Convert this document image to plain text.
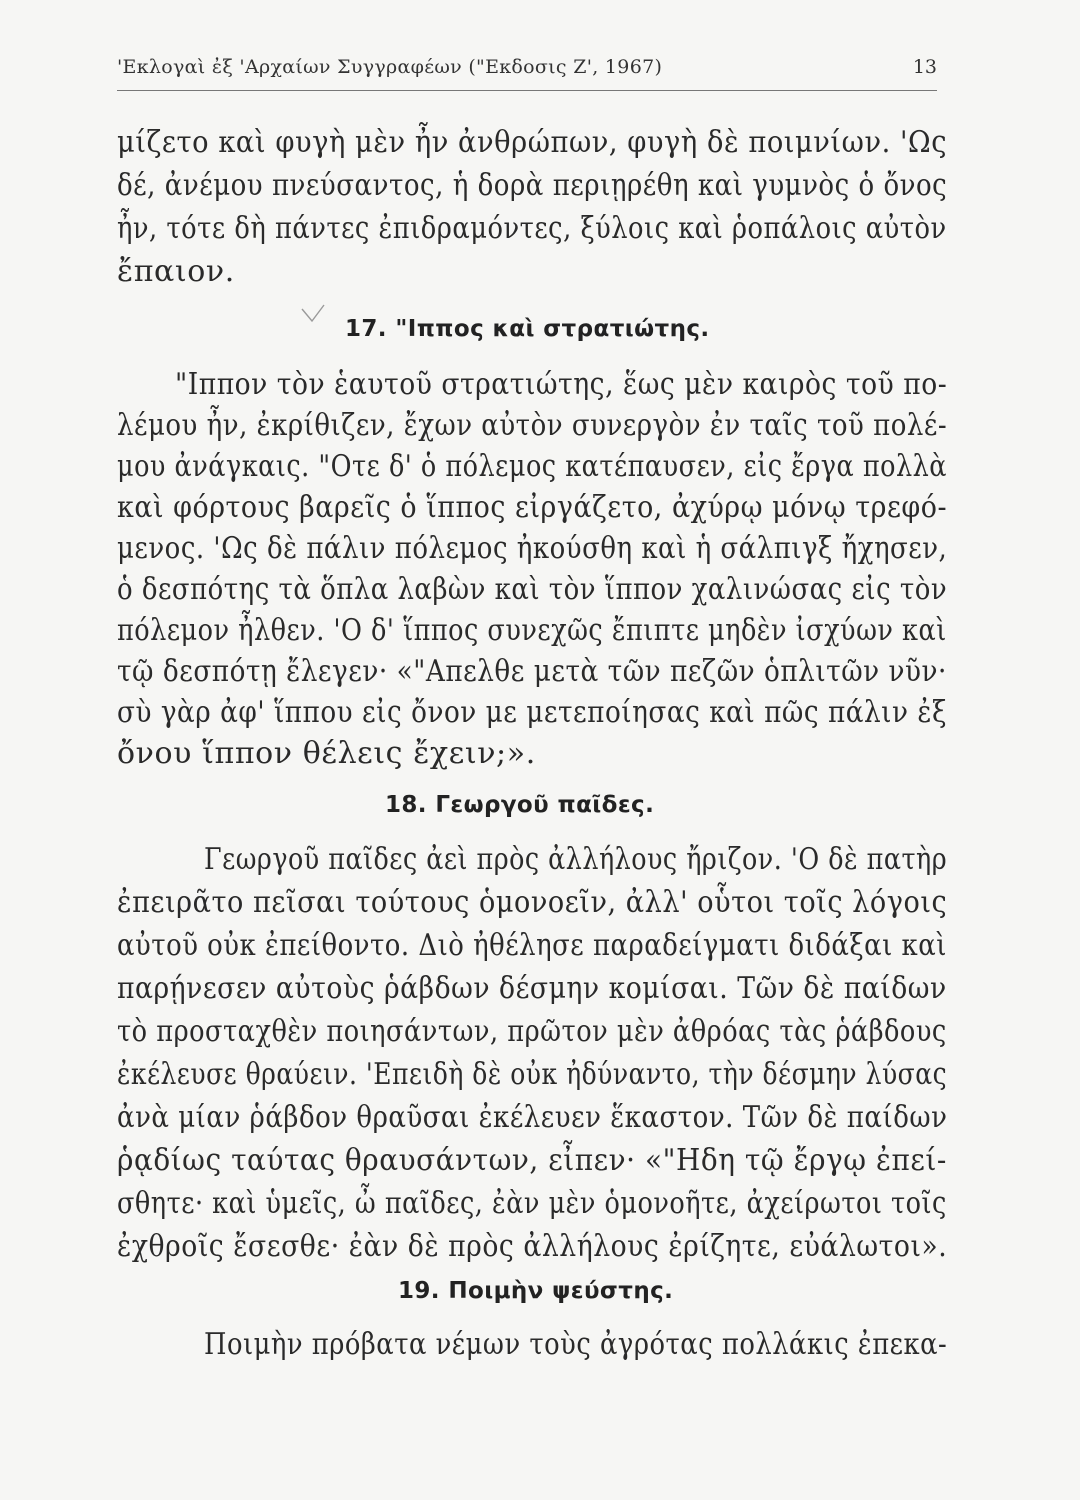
'Εκλογαὶ ἐξ 'Αρχαίων Συγγραφέων ("Εκδοσις Ζ', 1967)	13
μίζετο καὶ φυγὴ μὲν ἦν ἀνθρώπων, φυγὴ δὲ ποιμνίων. 'Ως
δέ, ἀνέμου πνεύσαντος, ἡ δορὰ περιῃρέθη καὶ γυμνὸς ὁ ὄνος
ἦν, τότε δὴ πάντες ἐπιδραμόντες, ξύλοις καὶ ῥοπάλοις αὐτὸν
ἔπαιον.
17. "Ιππος καὶ στρατιώτης.
"Ιππον τὸν ἑαυτοῦ στρατιώτης, ἕως μὲν καιρὸς τοῦ πο-
λέμου ἦν, ἐκρίθιζεν, ἔχων αὐτὸν συνεργὸν ἐν ταῖς τοῦ πολέ-
μου ἀνάγκαις. "Οτε δ' ὁ πόλεμος κατέπαυσεν, εἰς ἔργα πολλὰ
καὶ φόρτους βαρεῖς ὁ ἵππος εἰργάζετο, ἀχύρῳ μόνῳ τρεφό-
μενος. 'Ως δὲ πάλιν πόλεμος ἠκούσθη καὶ ἡ σάλπιγξ ἤχησεν,
ὁ δεσπότης τὰ ὅπλα λαβὼν καὶ τὸν ἵππον χαλινώσας εἰς τὸν
πόλεμον ἦλθεν. 'Ο δ' ἵππος συνεχῶς ἔπιπτε μηδὲν ἰσχύων καὶ
τῷ δεσπότῃ ἔλεγεν· «"Απελθε μετὰ τῶν πεζῶν ὁπλιτῶν νῦν·
σὺ γὰρ ἀφ' ἵππου εἰς ὄνον με μετεποίησας καὶ πῶς πάλιν ἐξ
ὄνου ἵππον θέλεις ἔχειν;».
18. Γεωργοῦ παῖδες.
Γεωργοῦ παῖδες ἀεὶ πρὸς ἀλλήλους ἤριζον. 'Ο δὲ πατὴρ
ἐπειρᾶτο πεῖσαι τούτους ὁμονοεῖν, ἀλλ' οὗτοι τοῖς λόγοις
αὐτοῦ οὐκ ἐπείθοντο. Διὸ ἠθέλησε παραδείγματι διδάξαι καὶ
παρῄνεσεν αὐτοὺς ῥάβδων δέσμην κομίσαι. Τῶν δὲ παίδων
τὸ προσταχθὲν ποιησάντων, πρῶτον μὲν ἀθρόας τὰς ῥάβδους
ἐκέλευσε θραύειν. 'Επειδὴ δὲ οὐκ ἠδύναντο, τὴν δέσμην λύσας
ἀνὰ μίαν ῥάβδον θραῦσαι ἐκέλευεν ἕκαστον. Τῶν δὲ παίδων
ῥᾳδίως ταύτας θραυσάντων, εἶπεν· «"Ηδη τῷ ἔργῳ ἐπεί-
σθητε· καὶ ὑμεῖς, ὦ παῖδες, ἐὰν μὲν ὁμονοῆτε, ἀχείρωτοι τοῖς
ἐχθροῖς ἔσεσθε· ἐὰν δὲ πρὸς ἀλλήλους ἐρίζητε, εὐάλωτοι».
19. Ποιμὴν ψεύστης.
Ποιμὴν πρόβατα νέμων τοὺς ἀγρότας πολλάκις ἐπεκα-
